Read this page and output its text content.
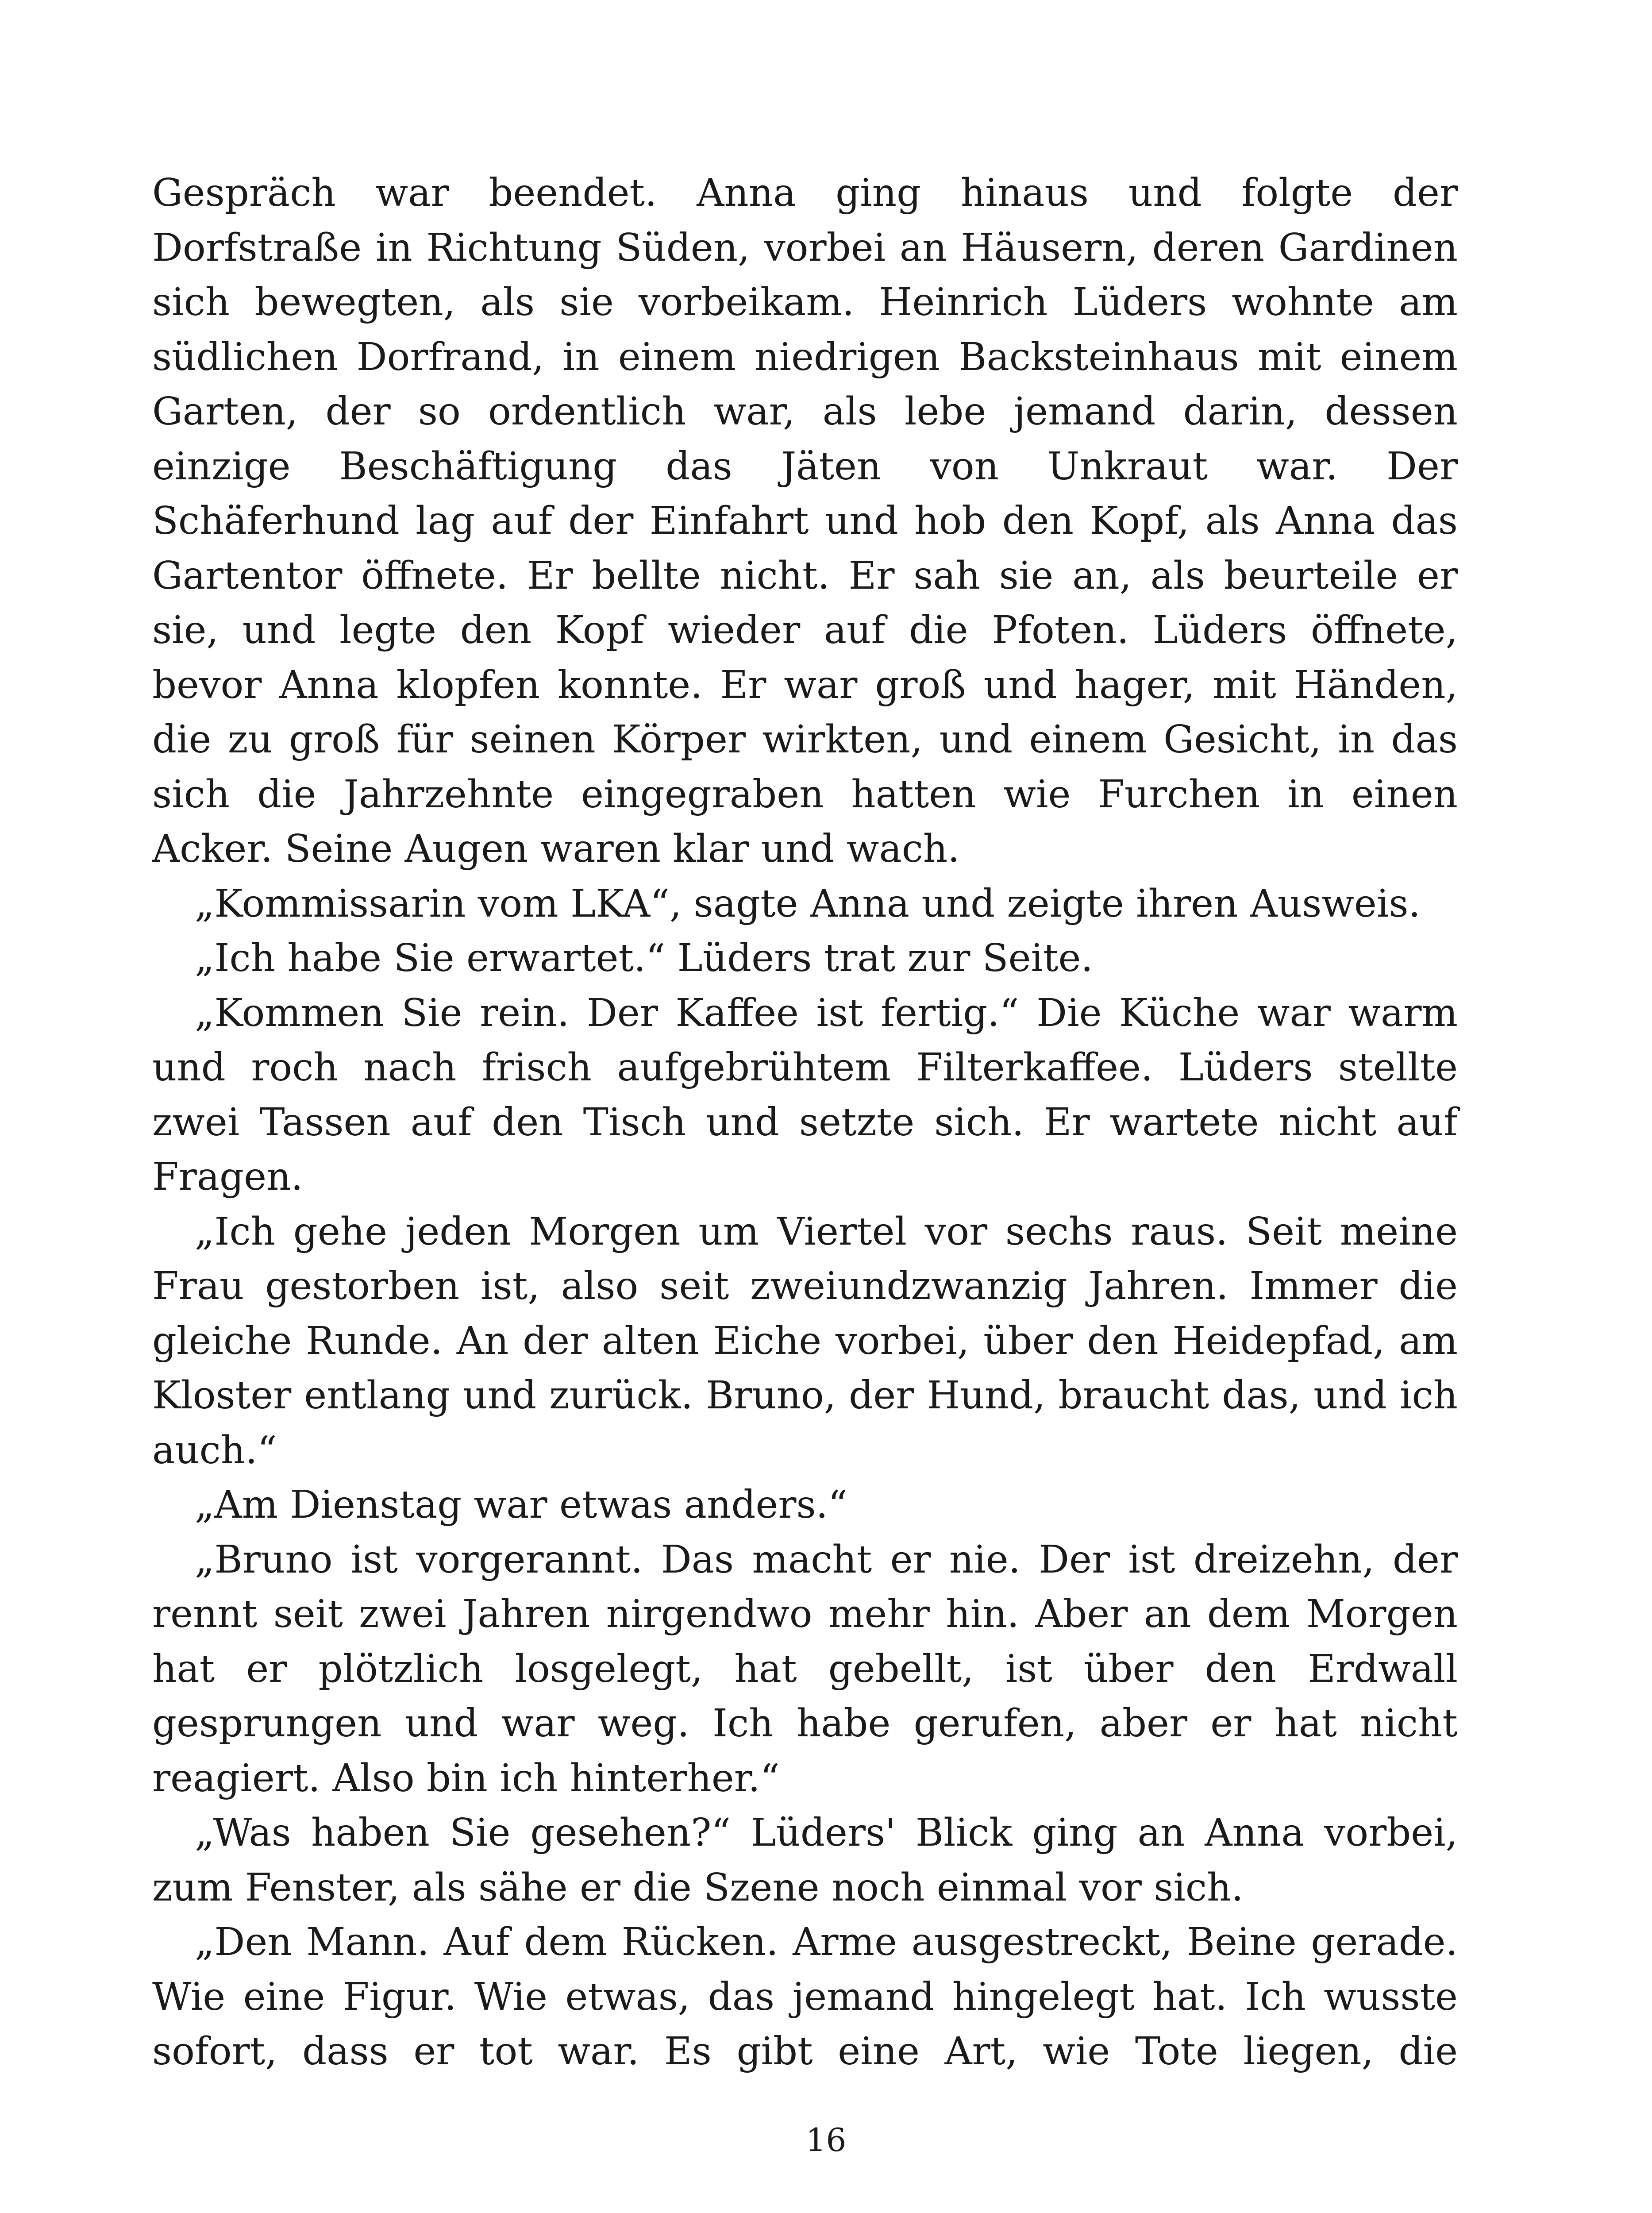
Gespräch war beendet. Anna ging hinaus und folgte der Dorfstraße in Richtung Süden, vorbei an Häusern, deren Gardinen sich bewegten, als sie vorbeikam. Heinrich Lüders wohnte am südlichen Dorfrand, in einem niedrigen Backsteinhaus mit einem Garten, der so ordentlich war, als lebe jemand darin, dessen einzige Beschäftigung das Jäten von Unkraut war. Der Schäferhund lag auf der Einfahrt und hob den Kopf, als Anna das Gartentor öffnete. Er bellte nicht. Er sah sie an, als beurteile er sie, und legte den Kopf wieder auf die Pfoten. Lüders öffnete, bevor Anna klopfen konnte. Er war groß und hager, mit Händen, die zu groß für seinen Körper wirkten, und einem Gesicht, in das sich die Jahrzehnte eingegraben hatten wie Furchen in einen Acker. Seine Augen waren klar und wach.

„Kommissarin vom LKA“, sagte Anna und zeigte ihren Ausweis.

„Ich habe Sie erwartet.“ Lüders trat zur Seite.

„Kommen Sie rein. Der Kaffee ist fertig.“ Die Küche war warm und roch nach frisch aufgebrühtem Filterkaffee. Lüders stellte zwei Tassen auf den Tisch und setzte sich. Er wartete nicht auf Fragen.

„Ich gehe jeden Morgen um Viertel vor sechs raus. Seit meine Frau gestorben ist, also seit zweiundzwanzig Jahren. Immer die gleiche Runde. An der alten Eiche vorbei, über den Heidepfad, am Kloster entlang und zurück. Bruno, der Hund, braucht das, und ich auch.“

„Am Dienstag war etwas anders.“

„Bruno ist vorgerannt. Das macht er nie. Der ist dreizehn, der rennt seit zwei Jahren nirgendwo mehr hin. Aber an dem Morgen hat er plötzlich losgelegt, hat gebellt, ist über den Erdwall gesprungen und war weg. Ich habe gerufen, aber er hat nicht reagiert. Also bin ich hinterher.“

„Was haben Sie gesehen?“ Lüders' Blick ging an Anna vorbei, zum Fenster, als sähe er die Szene noch einmal vor sich.

„Den Mann. Auf dem Rücken. Arme ausgestreckt, Beine gerade. Wie eine Figur. Wie etwas, das jemand hingelegt hat. Ich wusste sofort, dass er tot war. Es gibt eine Art, wie Tote liegen, die

16
